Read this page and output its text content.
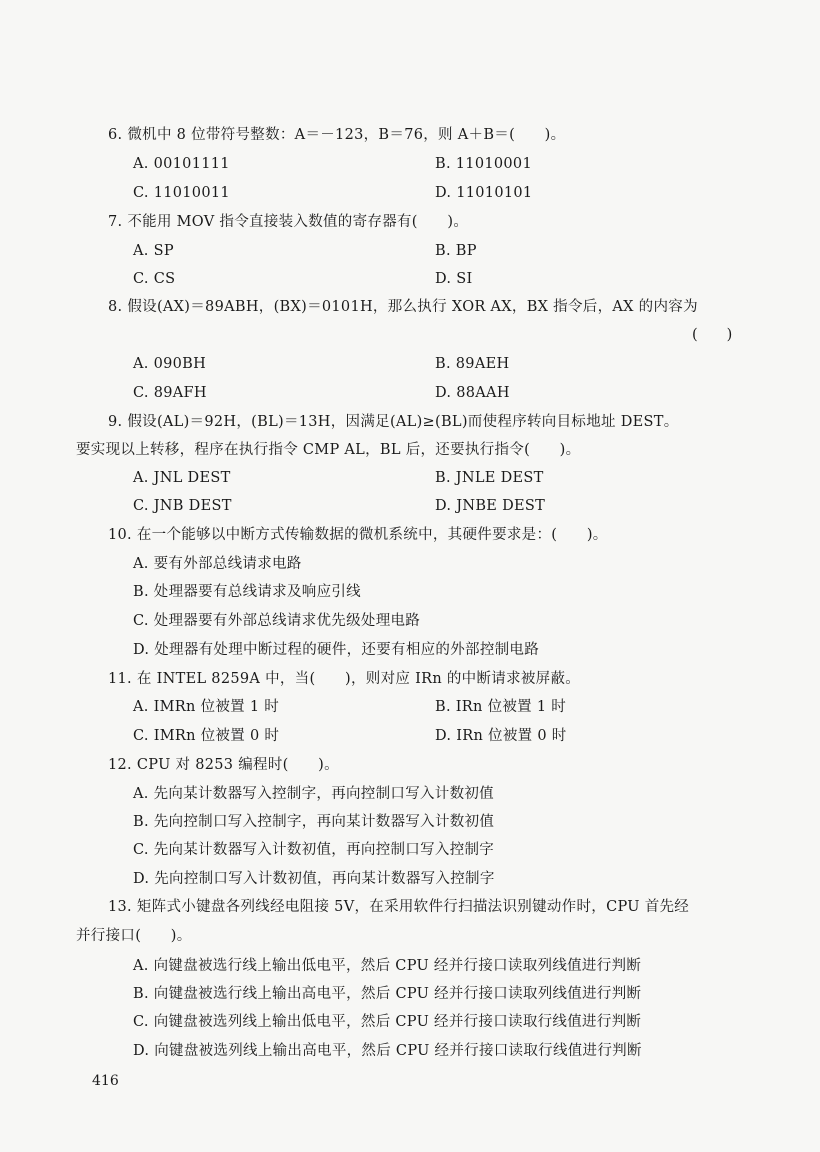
6. 微机中 8 位带符号整数：A＝－123，B＝76，则 A＋B＝(　　)。
A. 00101111	B. 11010001
C. 11010011	D. 11010101
7. 不能用 MOV 指令直接装入数值的寄存器有(　　)。
A. SP	B. BP
C. CS	D. SI
8. 假设(AX)＝89ABH，(BX)＝0101H，那么执行 XOR AX，BX 指令后，AX 的内容为
(　　)
A. 090BH	B. 89AEH
C. 89AFH	D. 88AAH
9. 假设(AL)＝92H，(BL)＝13H，因满足(AL)≥(BL)而使程序转向目标地址 DEST。
要实现以上转移，程序在执行指令 CMP AL，BL 后，还要执行指令(　　)。
A. JNL DEST	B. JNLE DEST
C. JNB DEST	D. JNBE DEST
10. 在一个能够以中断方式传输数据的微机系统中，其硬件要求是：(　　)。
A. 要有外部总线请求电路
B. 处理器要有总线请求及响应引线
C. 处理器要有外部总线请求优先级处理电路
D. 处理器有处理中断过程的硬件，还要有相应的外部控制电路
11. 在 INTEL 8259A 中，当(　　)，则对应 IRn 的中断请求被屏蔽。
A. IMRn 位被置 1 时	B. IRn 位被置 1 时
C. IMRn 位被置 0 时	D. IRn 位被置 0 时
12. CPU 对 8253 编程时(　　)。
A. 先向某计数器写入控制字，再向控制口写入计数初值
B. 先向控制口写入控制字，再向某计数器写入计数初值
C. 先向某计数器写入计数初值，再向控制口写入控制字
D. 先向控制口写入计数初值，再向某计数器写入控制字
13. 矩阵式小键盘各列线经电阻接 5V，在采用软件行扫描法识别键动作时，CPU 首先经
并行接口(　　)。
A. 向键盘被选行线上输出低电平，然后 CPU 经并行接口读取列线值进行判断
B. 向键盘被选行线上输出高电平，然后 CPU 经并行接口读取列线值进行判断
C. 向键盘被选列线上输出低电平，然后 CPU 经并行接口读取行线值进行判断
D. 向键盘被选列线上输出高电平，然后 CPU 经并行接口读取行线值进行判断
416
